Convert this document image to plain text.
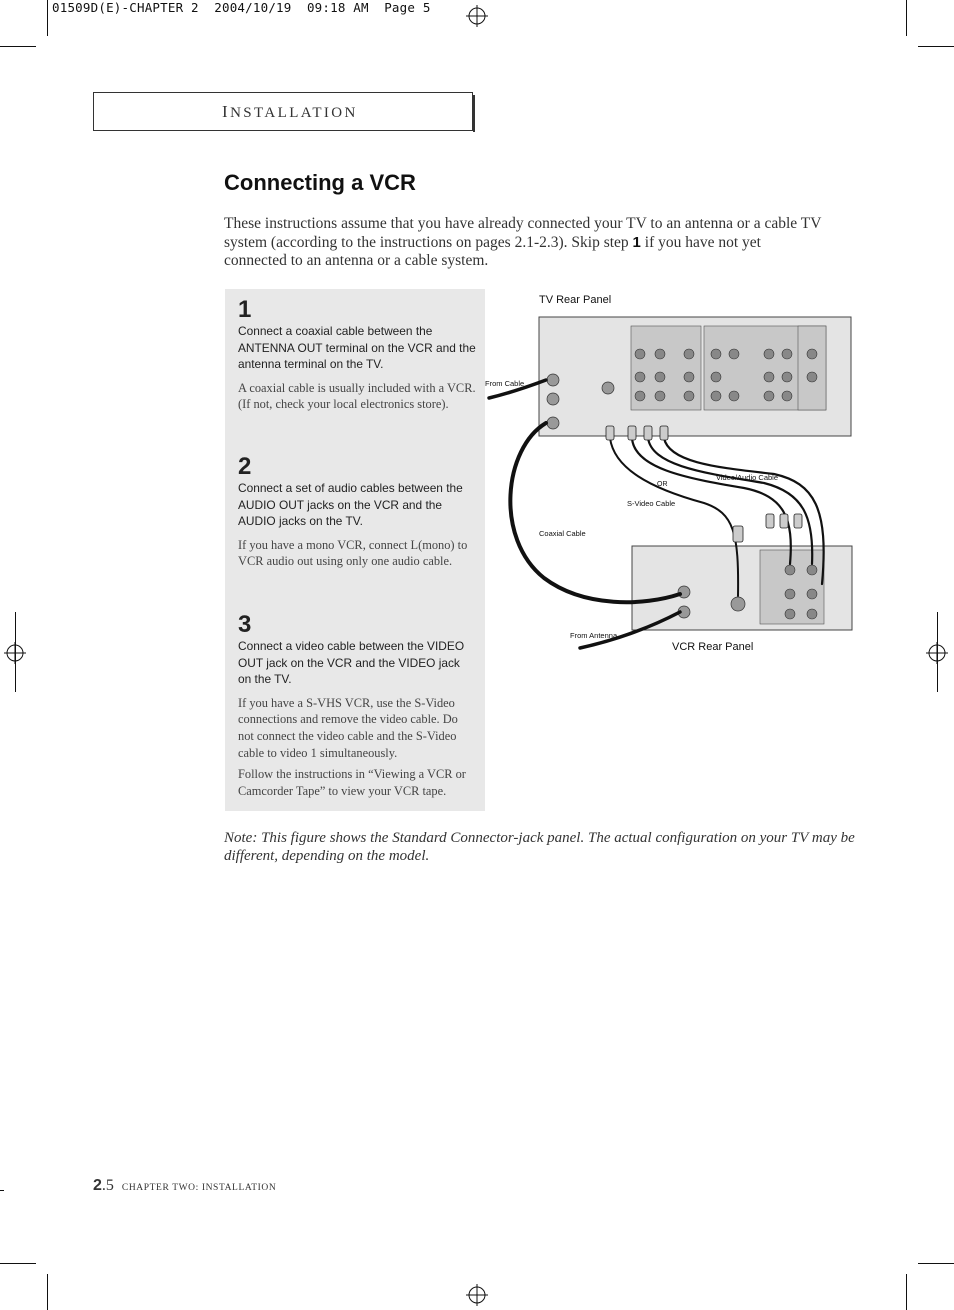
01509D(E)-CHAPTER 2  2004/10/19  09:18 AM  Page 5
INSTALLATION
Connecting a VCR
These instructions assume that you have already connected your TV to an antenna or a cable TV system (according to the instructions on pages 2.1-2.3). Skip step 1 if you have not yet connected to an antenna or a cable system.
1
Connect a coaxial cable between the ANTENNA OUT terminal on the VCR and the antenna terminal on the TV.
A coaxial cable is usually included with a VCR. (If not, check your local electronics store).
2
Connect a set of audio cables between the AUDIO OUT jacks on the VCR and the AUDIO jacks on the TV.
If you have a mono VCR, connect L(mono) to VCR audio out using only one audio cable.
3
Connect a video cable between the VIDEO OUT jack on the VCR and the VIDEO jack on the TV.
If you have a S-VHS VCR, use the S-Video connections and remove the video cable. Do not connect the video cable and the S-Video cable to video 1 simultaneously.
Follow the instructions in “Viewing a VCR or Camcorder Tape” to view your VCR tape.
TV Rear Panel
From Cable
OR
Video/Audio Cable
S-Video Cable
Coaxial Cable
From Antenna
VCR Rear Panel
Note: This figure shows the Standard Connector-jack panel. The actual configuration on your TV may be different, depending on the model.
2.5 CHAPTER TWO: INSTALLATION
